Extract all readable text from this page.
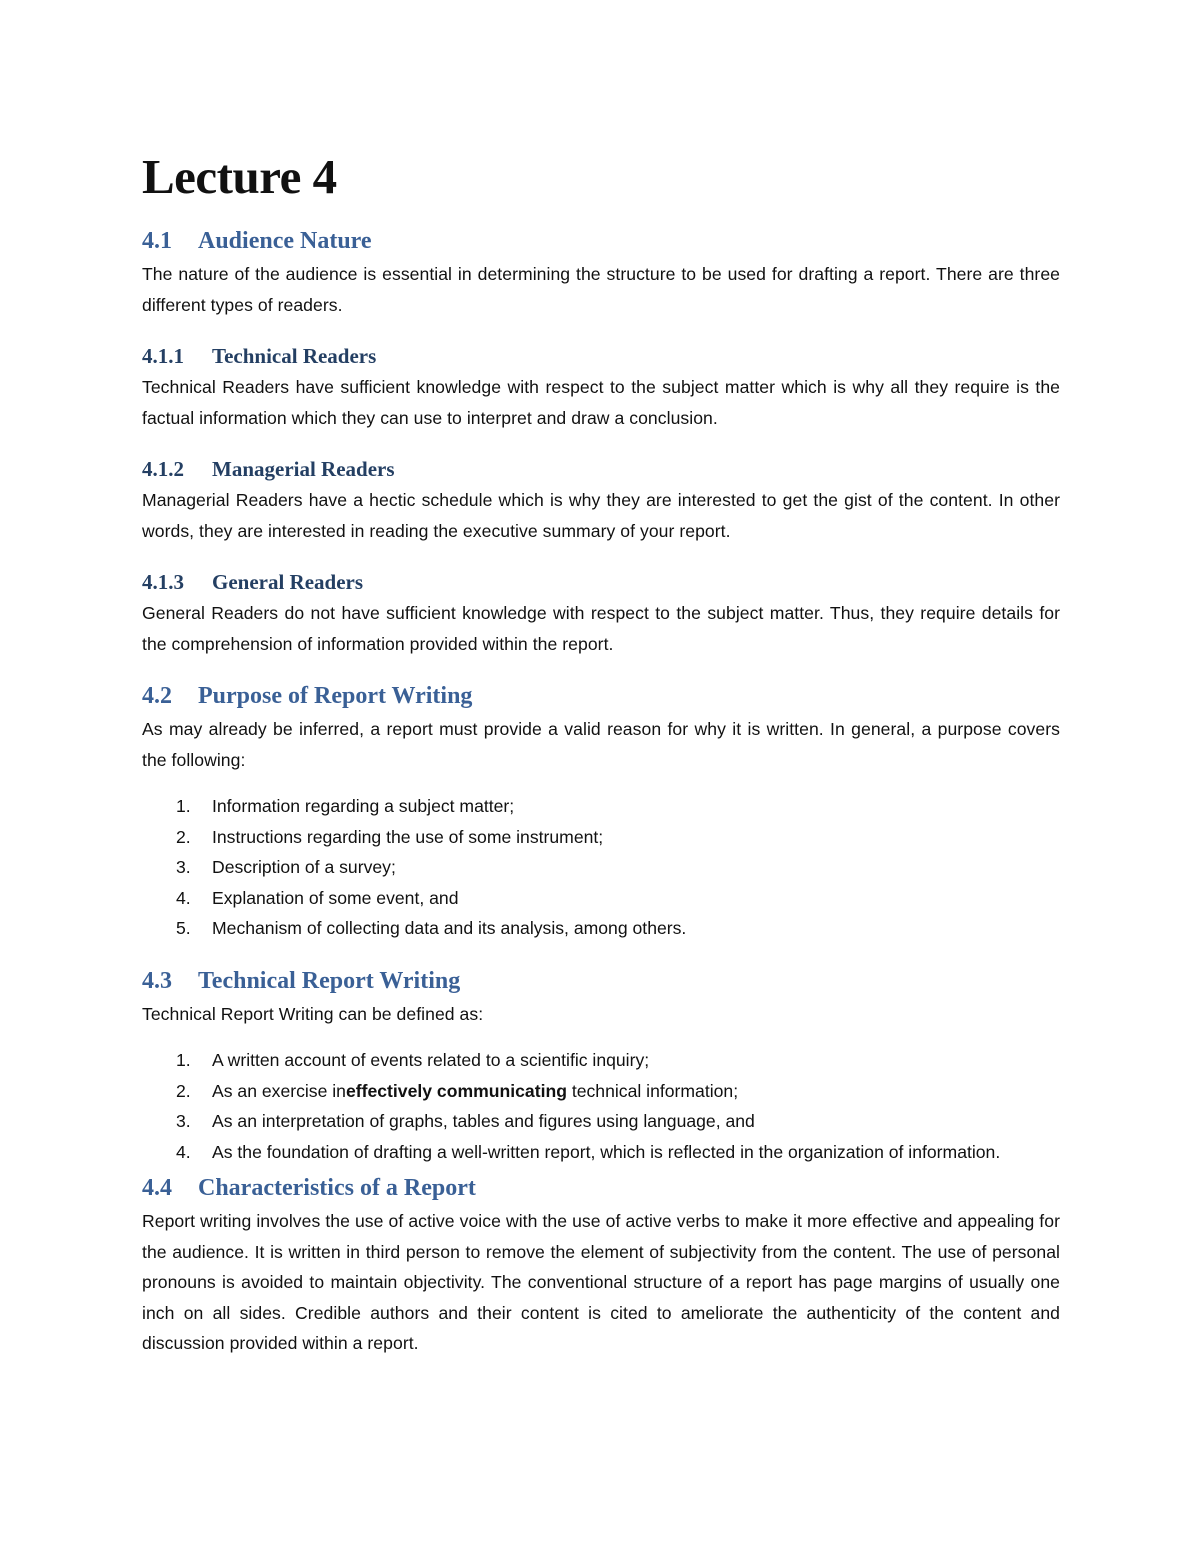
Lecture 4
4.1 Audience Nature

The nature of the audience is essential in determining the structure to be used for drafting a report. There are three different types of readers.

4.1.1 Technical Readers

Technical Readers have sufficient knowledge with respect to the subject matter which is why all they require is the factual information which they can use to interpret and draw a conclusion.

4.1.2 Managerial Readers

Managerial Readers have a hectic schedule which is why they are interested to get the gist of the content. In other words, they are interested in reading the executive summary of your report.

4.1.3 General Readers

General Readers do not have sufficient knowledge with respect to the subject matter. Thus, they require details for the comprehension of information provided within the report.

4.2 Purpose of Report Writing

As may already be inferred, a report must provide a valid reason for why it is written. In general, a purpose covers the following:

1. Information regarding a subject matter;
2. Instructions regarding the use of some instrument;
3. Description of a survey;
4. Explanation of some event, and
5. Mechanism of collecting data and its analysis, among others.
4.3 Technical Report Writing

Technical Report Writing can be defined as:

1. A written account of events related to a scientific inquiry;
2. As an exercise ineffectively communicating technical information;
3. As an interpretation of graphs, tables and figures using language, and
4. As the foundation of drafting a well-written report, which is reflected in the organization of information.
4.4 Characteristics of a Report

Report writing involves the use of active voice with the use of active verbs to make it more effective and appealing for the audience. It is written in third person to remove the element of subjectivity from the content. The use of personal pronouns is avoided to maintain objectivity. The conventional structure of a report has page margins of usually one inch on all sides. Credible authors and their content is cited to ameliorate the authenticity of the content and discussion provided within a report.
